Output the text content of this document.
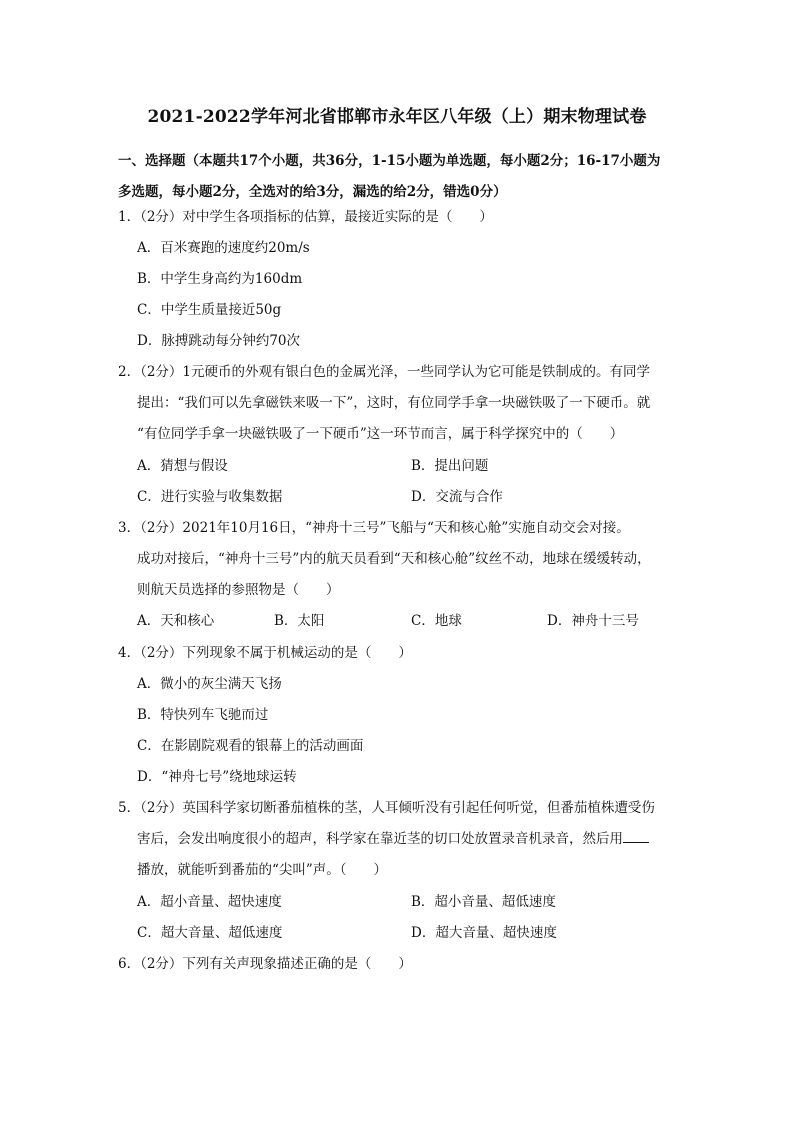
2021-2022学年河北省邯郸市永年区八年级（上）期末物理试卷
一、选择题（本题共17个小题，共36分，1-15小题为单选题，每小题2分；16-17小题为 多选题，每小题2分，全选对的给3分，漏选的给2分，错选0分）
1．（2分）对中学生各项指标的估算，最接近实际的是（　　）
A．百米赛跑的速度约20m/s
B．中学生身高约为160dm
C．中学生质量接近50g
D．脉搏跳动每分钟约70次
2．（2分）1元硬币的外观有银白色的金属光泽，一些同学认为它可能是铁制成的。有同学
提出：“我们可以先拿磁铁来吸一下”，这时，有位同学手拿一块磁铁吸了一下硬币。就
“有位同学手拿一块磁铁吸了一下硬币”这一环节而言，属于科学探究中的（　　）
A．猜想与假设	B．提出问题
C．进行实验与收集数据	D．交流与合作
3．（2分）2021年10月16日，“神舟十三号”飞船与“天和核心舱”实施自动交会对接。
成功对接后，“神舟十三号”内的航天员看到“天和核心舱”纹丝不动，地球在缓缓转动，
则航天员选择的参照物是（　　）
A．天和核心	B．太阳	C．地球	D．神舟十三号
4．（2分）下列现象不属于机械运动的是（　　）
A．微小的灰尘满天飞扬
B．特快列车飞驰而过
C．在影剧院观看的银幕上的活动画面
D．“神舟七号”绕地球运转
5．（2分）英国科学家切断番茄植株的茎，人耳倾听没有引起任何听觉，但番茄植株遭受伤
害后，会发出响度很小的超声，科学家在靠近茎的切口处放置录音机录音，然后用
播放，就能听到番茄的“尖叫”声。（　　）
A．超小音量、超快速度	B．超小音量、超低速度
C．超大音量、超低速度	D．超大音量、超快速度
6．（2分）下列有关声现象描述正确的是（　　）
